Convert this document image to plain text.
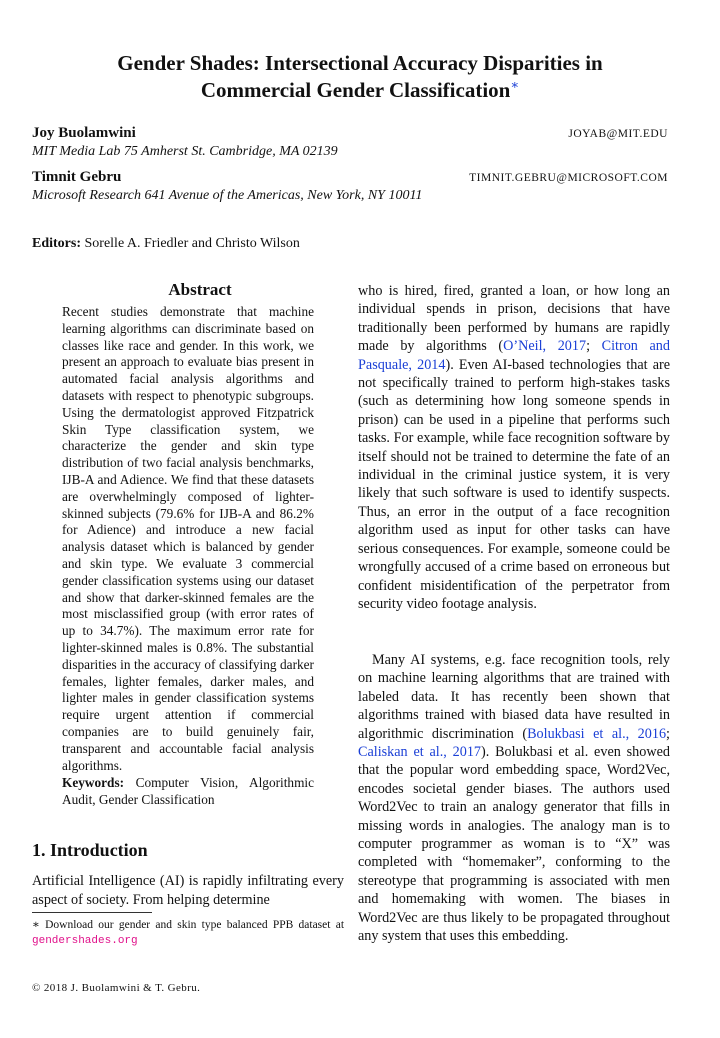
Gender Shades: Intersectional Accuracy Disparities in
Commercial Gender Classification∗
Joy Buolamwini	JOYAB@MIT.EDU
MIT Media Lab 75 Amherst St. Cambridge, MA 02139
Timnit Gebru	TIMNIT.GEBRU@MICROSOFT.COM
Microsoft Research 641 Avenue of the Americas, New York, NY 10011
Editors: Sorelle A. Friedler and Christo Wilson
Abstract
Recent studies demonstrate that machine learning algorithms can discriminate based on classes like race and gender. In this work, we present an approach to evaluate bias present in automated facial analysis algorithms and datasets with respect to phenotypic subgroups. Using the dermatologist approved Fitzpatrick Skin Type classification system, we characterize the gender and skin type distribution of two facial analysis benchmarks, IJB-A and Adience. We find that these datasets are overwhelmingly composed of lighter-skinned subjects (79.6% for IJB-A and 86.2% for Adience) and introduce a new facial analysis dataset which is balanced by gender and skin type. We evaluate 3 commercial gender classification systems using our dataset and show that darker-skinned females are the most misclassified group (with error rates of up to 34.7%). The maximum error rate for lighter-skinned males is 0.8%. The substantial disparities in the accuracy of classifying darker females, lighter females, darker males, and lighter males in gender classification systems require urgent attention if commercial companies are to build genuinely fair, transparent and accountable facial analysis algorithms.
Keywords: Computer Vision, Algorithmic Audit, Gender Classification
1. Introduction
Artificial Intelligence (AI) is rapidly infiltrating every aspect of society. From helping determine
∗ Download our gender and skin type balanced PPB dataset at gendershades.org
who is hired, fired, granted a loan, or how long an individual spends in prison, decisions that have traditionally been performed by humans are rapidly made by algorithms (O’Neil, 2017; Citron and Pasquale, 2014). Even AI-based technologies that are not specifically trained to perform high-stakes tasks (such as determining how long someone spends in prison) can be used in a pipeline that performs such tasks. For example, while face recognition software by itself should not be trained to determine the fate of an individual in the criminal justice system, it is very likely that such software is used to identify suspects. Thus, an error in the output of a face recognition algorithm used as input for other tasks can have serious consequences. For example, someone could be wrongfully accused of a crime based on erroneous but confident misidentification of the perpetrator from security video footage analysis.
Many AI systems, e.g. face recognition tools, rely on machine learning algorithms that are trained with labeled data. It has recently been shown that algorithms trained with biased data have resulted in algorithmic discrimination (Bolukbasi et al., 2016; Caliskan et al., 2017). Bolukbasi et al. even showed that the popular word embedding space, Word2Vec, encodes societal gender biases. The authors used Word2Vec to train an analogy generator that fills in missing words in analogies. The analogy man is to computer programmer as woman is to “X” was completed with “homemaker”, conforming to the stereotype that programming is associated with men and homemaking with women. The biases in Word2Vec are thus likely to be propagated throughout any system that uses this embedding.
© 2018 J. Buolamwini & T. Gebru.
